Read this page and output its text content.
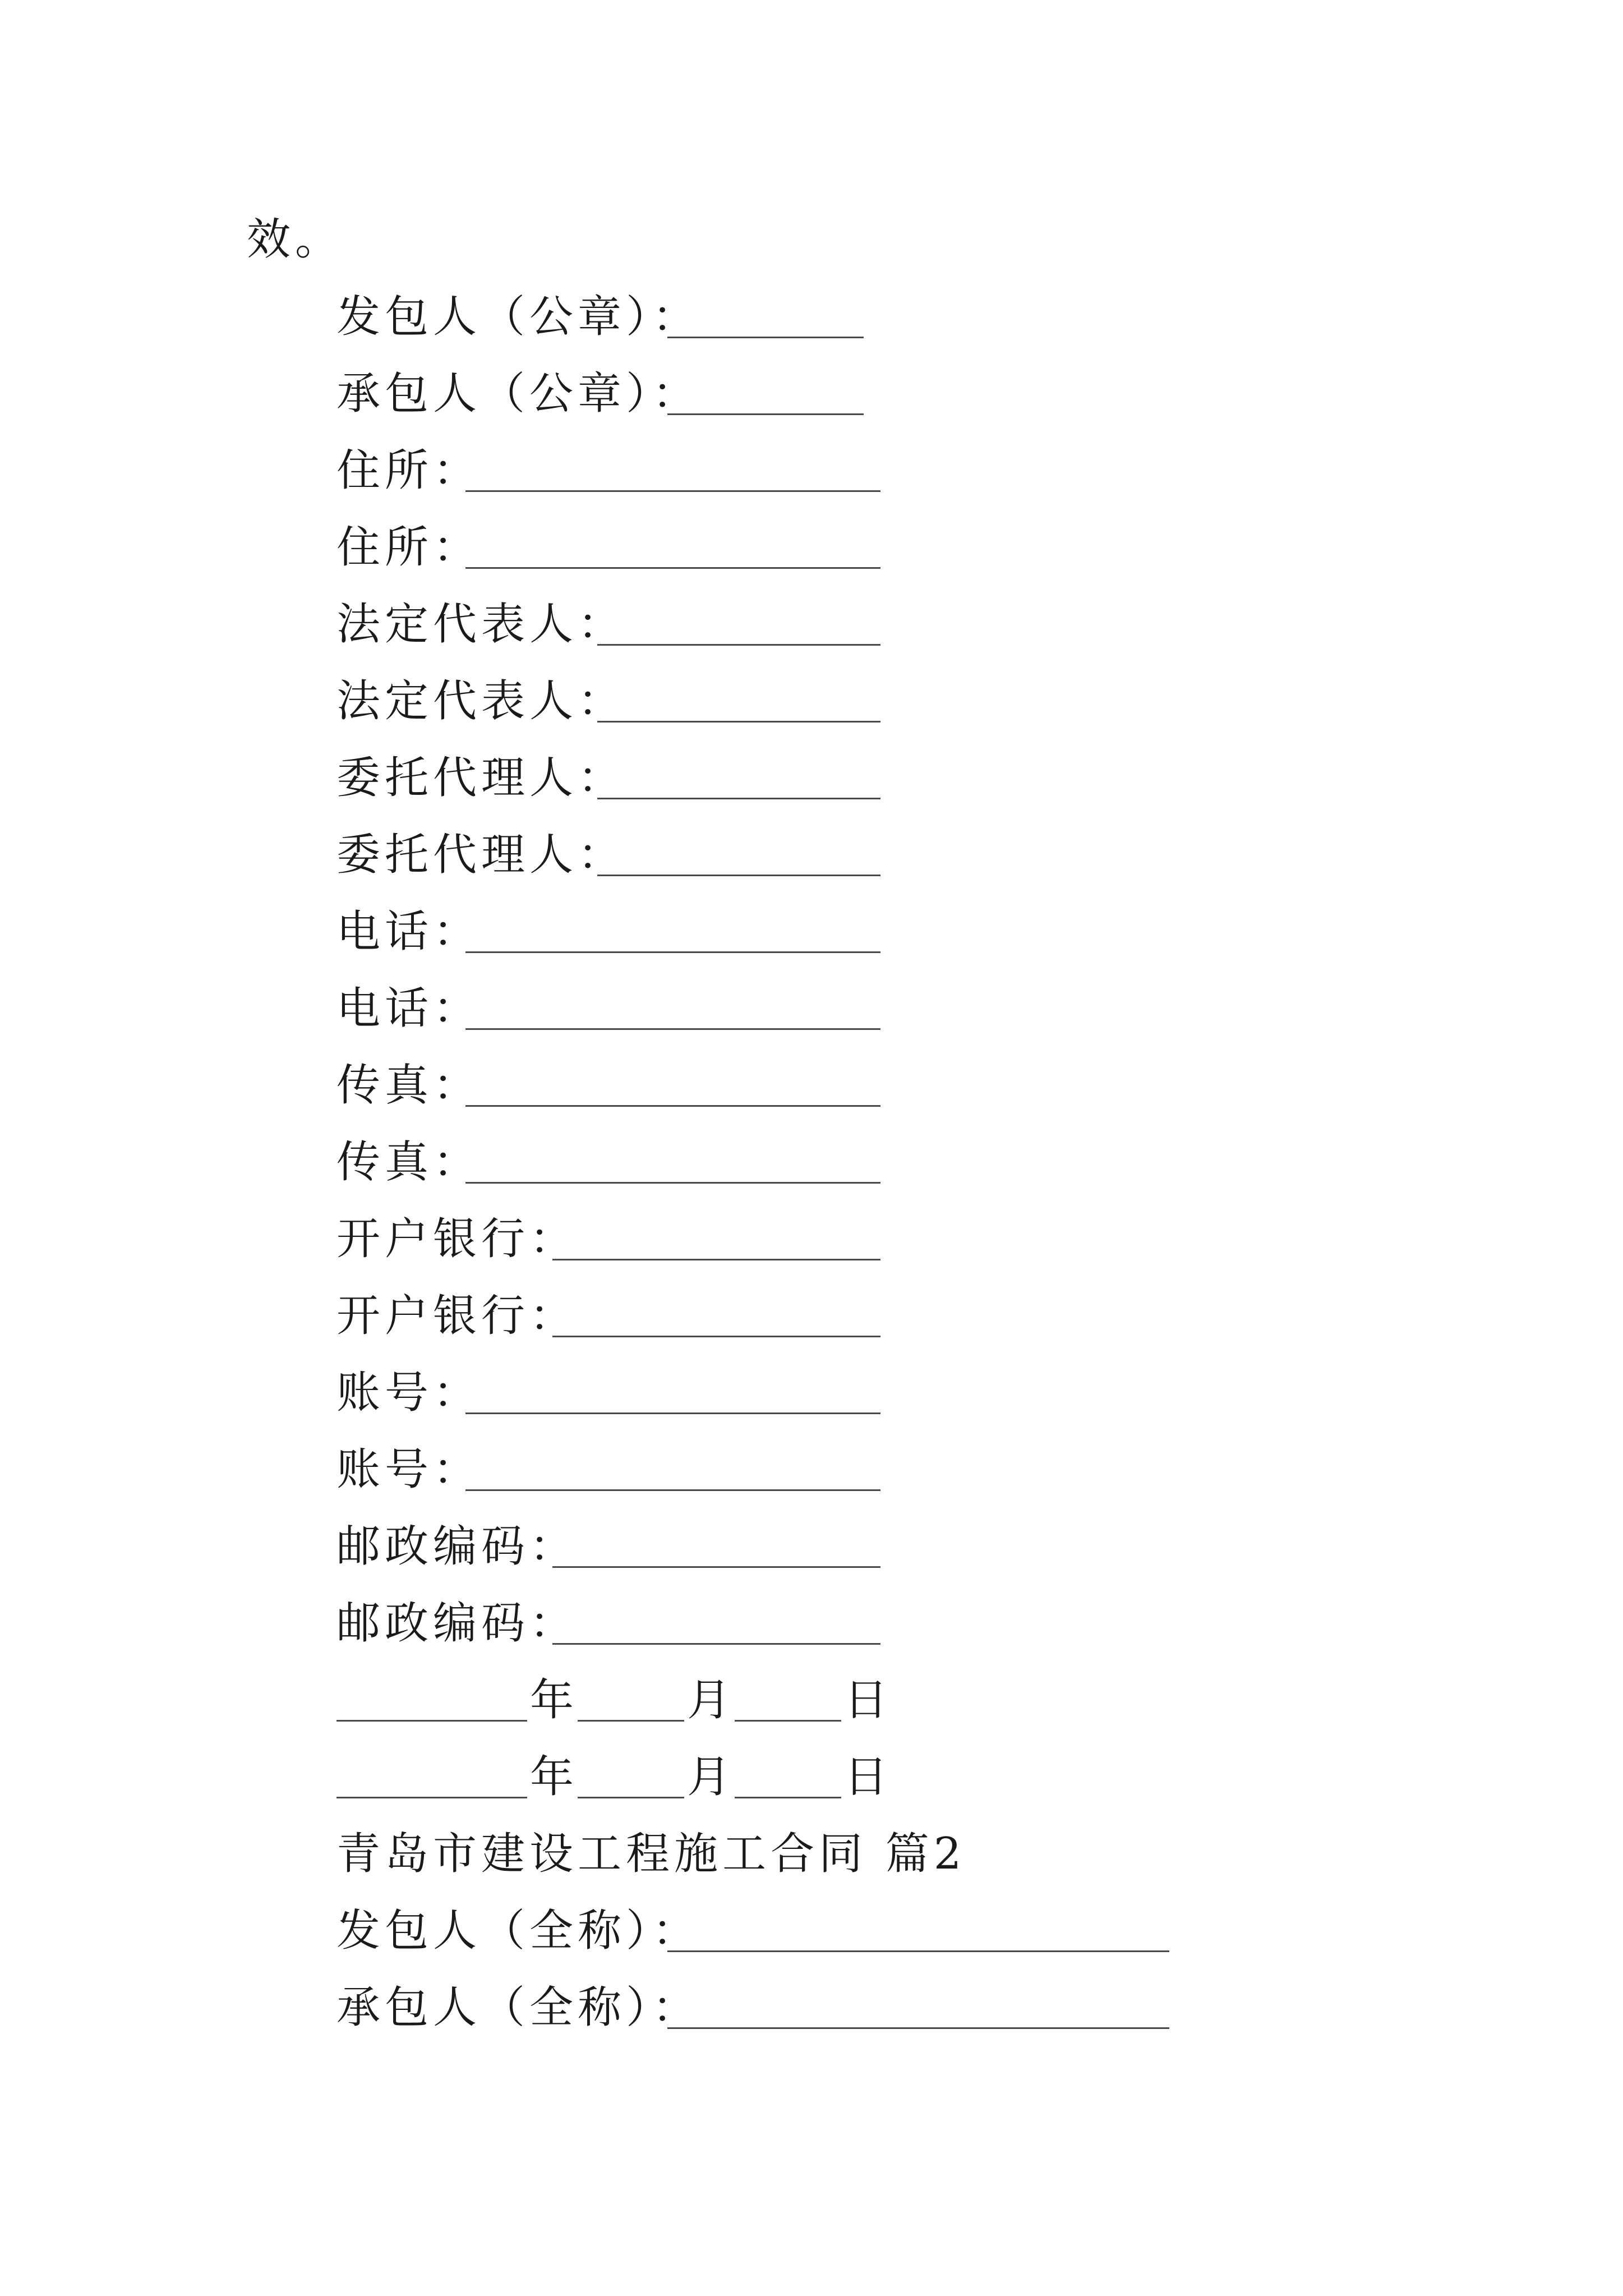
效。
发包人（公章）：
承包人（公章）：
住所：
住所：
法定代表人：
法定代表人：
委托代理人：
委托代理人：
电话：
电话：
传真：
传真：
开户银行：
开户银行：
账号：
账号：
邮政编码：
邮政编码：
年 月 日
年 月 日
青岛市建设工程施工合同 篇2
发包人（全称）：
承包人（全称）：
